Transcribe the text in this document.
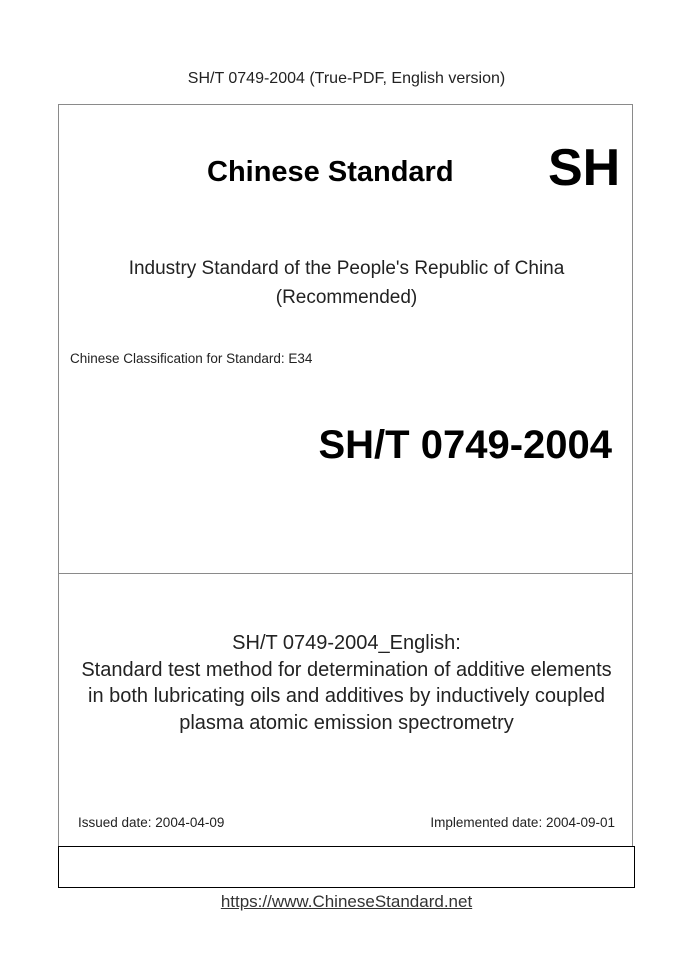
SH/T 0749-2004 (True-PDF, English version)
Chinese Standard SH
Industry Standard of the People's Republic of China
(Recommended)
Chinese Classification for Standard: E34
SH/T 0749-2004
SH/T 0749-2004_English:
Standard test method for determination of additive elements
in both lubricating oils and additives by inductively coupled
plasma atomic emission spectrometry
Issued date: 2004-04-09	Implemented date: 2004-09-01
https://www.ChineseStandard.net
